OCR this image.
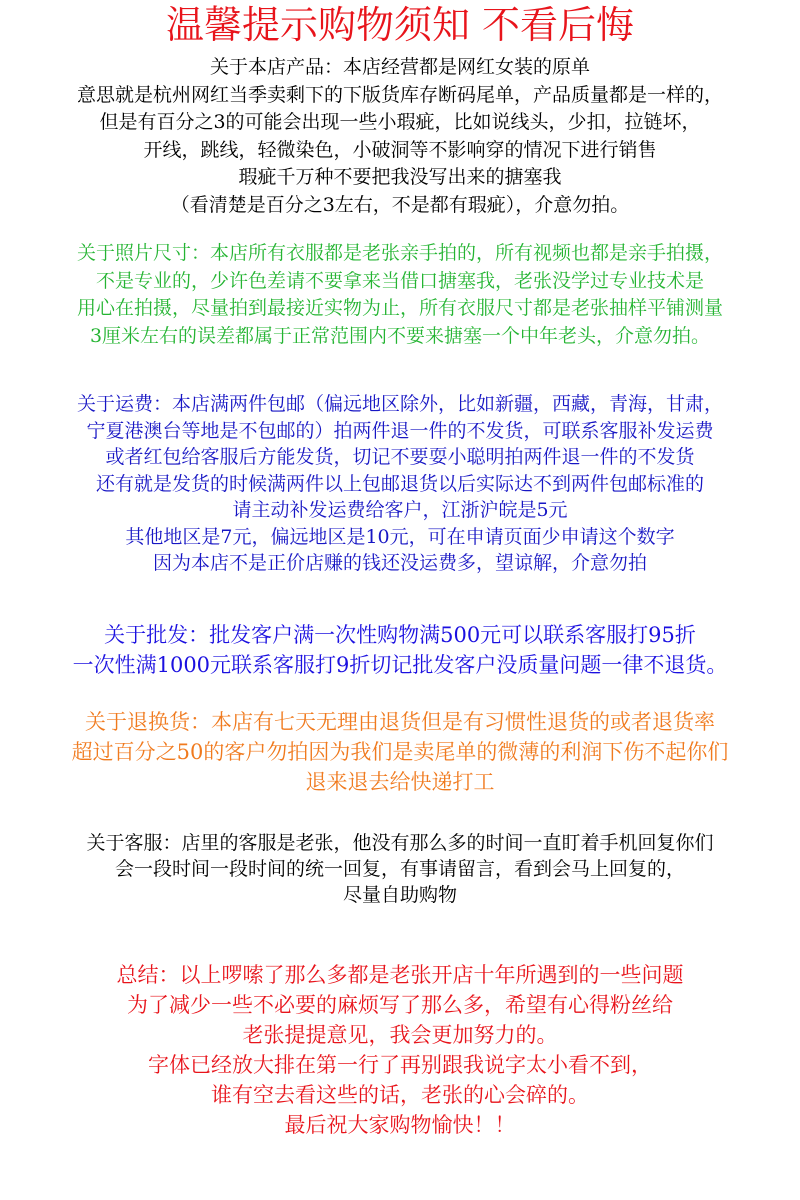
温馨提示购物须知 不看后悔
关于本店产品：本店经营都是网红女装的原单
意思就是杭州网红当季卖剩下的下版货库存断码尾单，产品质量都是一样的，
但是有百分之3的可能会出现一些小瑕疵，比如说线头，少扣，拉链坏，
开线，跳线，轻微染色，小破洞等不影响穿的情况下进行销售
瑕疵千万种不要把我没写出来的搪塞我
（看清楚是百分之3左右，不是都有瑕疵），介意勿拍。
关于照片尺寸：本店所有衣服都是老张亲手拍的，所有视频也都是亲手拍摄，
不是专业的，少许色差请不要拿来当借口搪塞我，老张没学过专业技术是
用心在拍摄，尽量拍到最接近实物为止，所有衣服尺寸都是老张抽样平铺测量
3厘米左右的误差都属于正常范围内不要来搪塞一个中年老头，介意勿拍。
关于运费：本店满两件包邮（偏远地区除外，比如新疆，西藏，青海，甘肃，
宁夏港澳台等地是不包邮的）拍两件退一件的不发货，可联系客服补发运费
或者红包给客服后方能发货，切记不要耍小聪明拍两件退一件的不发货
还有就是发货的时候满两件以上包邮退货以后实际达不到两件包邮标准的
请主动补发运费给客户，江浙沪皖是5元
其他地区是7元，偏远地区是10元，可在申请页面少申请这个数字
因为本店不是正价店赚的钱还没运费多，望谅解，介意勿拍
关于批发：批发客户满一次性购物满500元可以联系客服打95折
一次性满1000元联系客服打9折切记批发客户没质量问题一律不退货。
关于退换货：本店有七天无理由退货但是有习惯性退货的或者退货率
超过百分之50的客户勿拍因为我们是卖尾单的微薄的利润下伤不起你们
退来退去给快递打工
关于客服：店里的客服是老张，他没有那么多的时间一直盯着手机回复你们
会一段时间一段时间的统一回复，有事请留言，看到会马上回复的，
尽量自助购物
总结：以上啰嗦了那么多都是老张开店十年所遇到的一些问题
为了减少一些不必要的麻烦写了那么多，希望有心得粉丝给
老张提提意见，我会更加努力的。
字体已经放大排在第一行了再别跟我说字太小看不到，
谁有空去看这些的话，老张的心会碎的。
最后祝大家购物愉快！！
